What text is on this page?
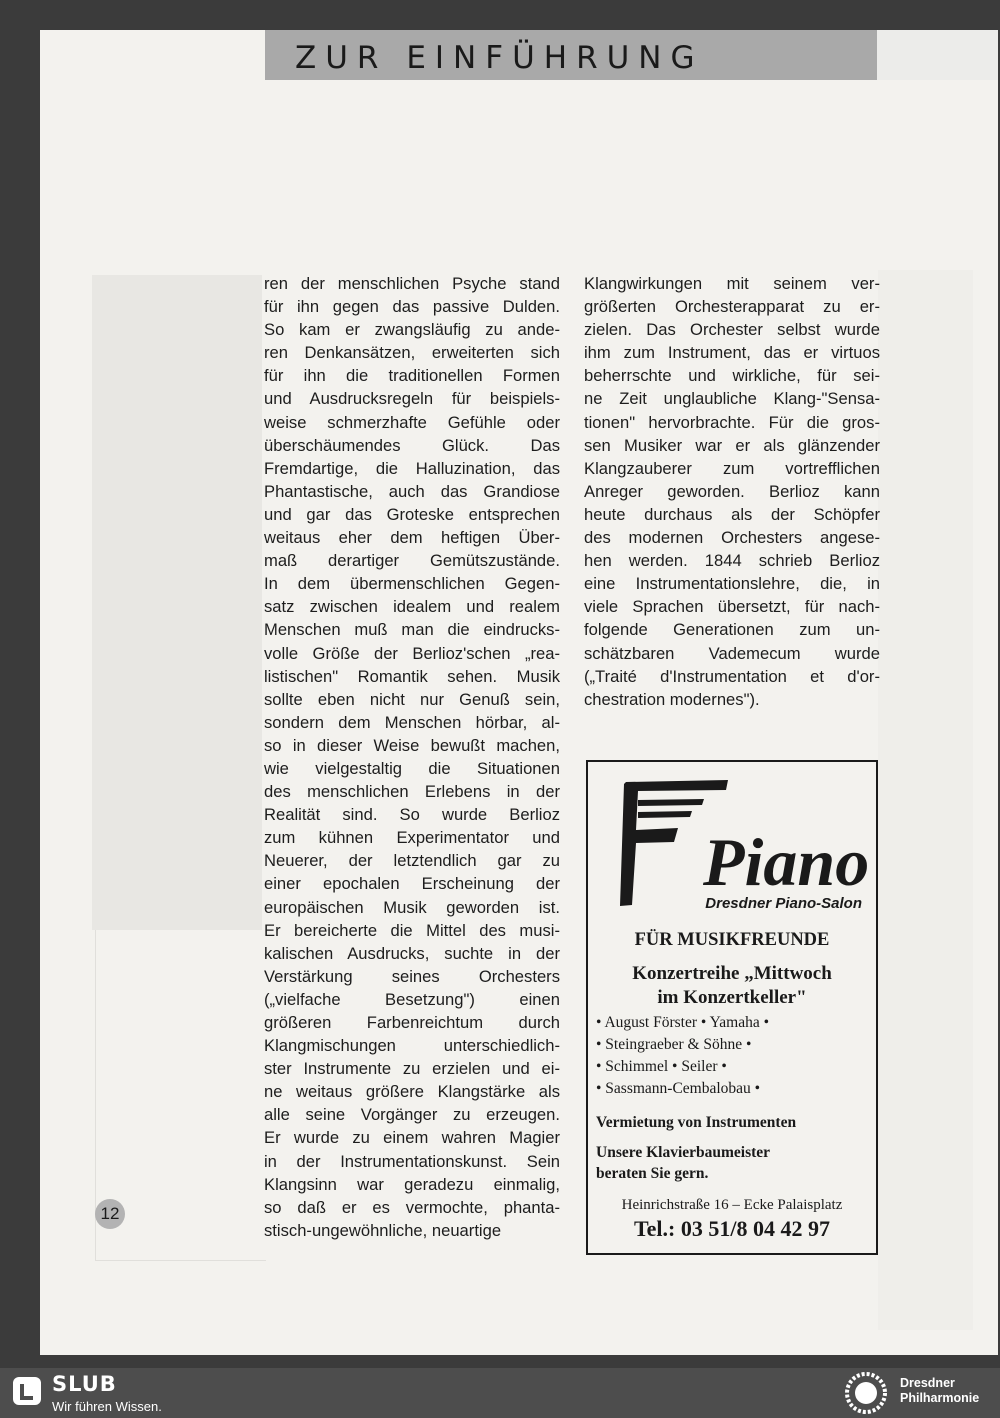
ZUR EINFÜHRUNG

ren der menschlichen Psyche stand

für ihn gegen das passive Dulden.

So kam er zwangsläufig zu ande-

ren Denkansätzen, erweiterten sich

für ihn die traditionellen Formen

und Ausdrucksregeln für beispiels-

weise schmerzhafte Gefühle oder

überschäumendes Glück. Das

Fremdartige, die Halluzination, das

Phantastische, auch das Grandiose

und gar das Groteske entsprechen

weitaus eher dem heftigen Über-

maß derartiger Gemütszustände.

In dem übermenschlichen Gegen-

satz zwischen idealem und realem

Menschen muß man die eindrucks-

volle Größe der Berlioz'schen „rea-

listischen" Romantik sehen. Musik

sollte eben nicht nur Genuß sein,

sondern dem Menschen hörbar, al-

so in dieser Weise bewußt machen,

wie vielgestaltig die Situationen

des menschlichen Erlebens in der

Realität sind. So wurde Berlioz

zum kühnen Experimentator und

Neuerer, der letztendlich gar zu

einer epochalen Erscheinung der

europäischen Musik geworden ist.

Er bereicherte die Mittel des musi-

kalischen Ausdrucks, suchte in der

Verstärkung seines Orchesters

(„vielfache Besetzung") einen

größeren Farbenreichtum durch

Klangmischungen unterschiedlich-

ster Instrumente zu erzielen und ei-

ne weitaus größere Klangstärke als

alle seine Vorgänger zu erzeugen.

Er wurde zu einem wahren Magier

in der Instrumentationskunst. Sein

Klangsinn war geradezu einmalig,

so daß er es vermochte, phanta-

stisch-ungewöhnliche, neuartige

Klangwirkungen mit seinem ver-

größerten Orchesterapparat zu er-

zielen. Das Orchester selbst wurde

ihm zum Instrument, das er virtuos

beherrschte und wirkliche, für sei-

ne Zeit unglaubliche Klang-"Sensa-

tionen" hervorbrachte. Für die gros-

sen Musiker war er als glänzender

Klangzauberer zum vortrefflichen

Anreger geworden. Berlioz kann

heute durchaus als der Schöpfer

des modernen Orchesters angese-

hen werden. 1844 schrieb Berlioz

eine Instrumentationslehre, die, in

viele Sprachen übersetzt, für nach-

folgende Generationen zum un-

schätzbaren Vademecum wurde

(„Traité d'Instrumentation et d'or-

chestration modernes").

Piano
Dresdner Piano-Salon
FÜR MUSIKFREUNDE
Konzertreihe „Mittwoch
im Konzertkeller"
• August Förster • Yamaha •
• Steingraeber & Söhne •
• Schimmel • Seiler •
• Sassmann-Cembalobau •
Vermietung von Instrumenten
Unsere Klavierbaumeister
beraten Sie gern.
Heinrichstraße 16 – Ecke Palaisplatz
Tel.: 03 51/8 04 42 97
12
SLUB
Wir führen Wissen.
Dresdner
Philharmonie
